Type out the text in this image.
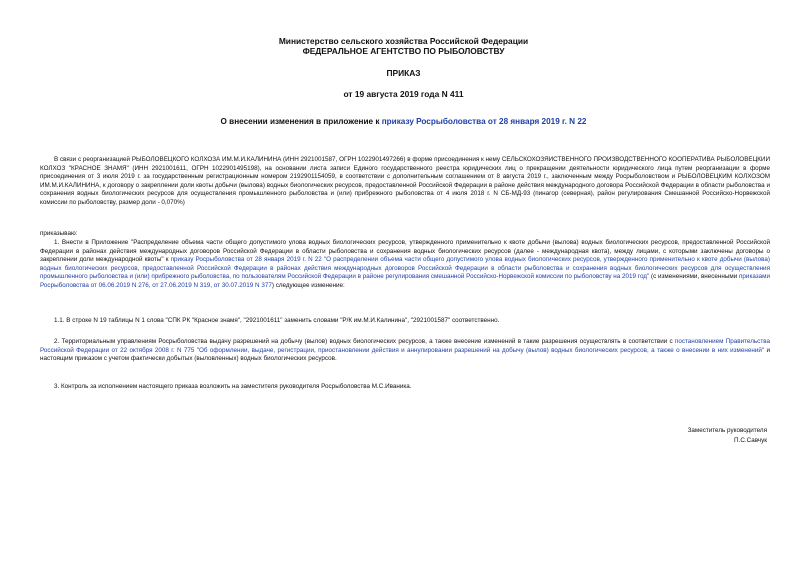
Министерство сельского хозяйства Российской Федерации
ФЕДЕРАЛЬНОЕ АГЕНТСТВО ПО РЫБОЛОВСТВУ
ПРИКАЗ
от 19 августа 2019 года N 411
О внесении изменения в приложение к приказу Росрыболовства от 28 января 2019 г. N 22
В связи с реорганизацией РЫБОЛОВЕЦКОГО КОЛХОЗА ИМ.М.И.КАЛИНИНА (ИНН 2921001587, ОГРН 1022901497266) в форме присоединения к нему СЕЛЬСКОХОЗЯЙСТВЕННОГО ПРОИЗВОДСТВЕННОГО КООПЕРАТИВА РЫБОЛОВЕЦКИЙ КОЛХОЗ "КРАСНОЕ ЗНАМЯ" (ИНН 2921001611, ОГРН 1022901495198), на основании листа записи Единого государственного реестра юридических лиц о прекращении деятельности юридического лица путем реорганизации в форме присоединения от 3 июля 2019 г. за государственным регистрационным номером 2192901154059, в соответствии с дополнительным соглашением от 8 августа 2019 г., заключенным между Росрыболовством и РЫБОЛОВЕЦКИМ КОЛХОЗОМ ИМ.М.И.КАЛИНИНА, к договору о закреплении доли квоты добычи (вылова) водных биологических ресурсов, предоставленной Российской Федерации в районе действия международного договора Российской Федерации в области рыболовства и сохранения водных биологических ресурсов для осуществления промышленного рыболовства и (или) прибрежного рыболовства от 4 июля 2018 г. N СБ-МД-93 (пинагор (северная), район регулирования Смешанной Российско-Норвежской комиссии по рыболовству, размер доли - 0,070%)
приказываю:
1. Внести в Приложение "Распределение объема части общего допустимого улова водных биологических ресурсов, утвержденного применительно к квоте добычи (вылова) водных биологических ресурсов, предоставленной Российской Федерации в районах действия международных договоров Российской Федерации в области рыболовства и сохранения водных биологических ресурсов (далее - международная квота), между лицами, с которыми заключены договоры о закреплении доли международной квоты" к приказу Росрыболовства от 28 января 2019 г. N 22 "О распределении объема части общего допустимого улова водных биологических ресурсов, утвержденного применительно к квоте добычи (вылова) водных биологических ресурсов, предоставленной Российской Федерации в районах действия международных договоров Российской Федерации в области рыболовства и сохранения водных биологических ресурсов для осуществления промышленного рыболовства и (или) прибрежного рыболовства, по пользователям Российской Федерации в районе регулирования смешанной Российско-Норвежской комиссии по рыболовству на 2019 год" (с изменениями, внесенными приказами Росрыболовства от 06.06.2019 N 276, от 27.06.2019 N 319, от 30.07.2019 N 377) следующее изменение:
1.1. В строке N 19 таблицы N 1 слова "СПК РК "Красное знамя", "2921001611" заменить словами "Р/К им.М.И.Калинина", "2921001587" соответственно.
2. Территориальным управлениям Росрыболовства выдачу разрешений на добычу (вылов) водных биологических ресурсов, а также внесение изменений в такие разрешения осуществлять в соответствии с постановлением Правительства Российской Федерации от 22 октября 2008 г. N 775 "Об оформлении, выдаче, регистрации, приостановлении действия и аннулировании разрешений на добычу (вылов) водных биологических ресурсов, а также о внесении в них изменений" и настоящим приказом с учетом фактически добытых (выловленных) водных биологических ресурсов.
3. Контроль за исполнением настоящего приказа возложить на заместителя руководителя Росрыболовства М.С.Иваника.
Заместитель руководителя
П.С.Савчук
